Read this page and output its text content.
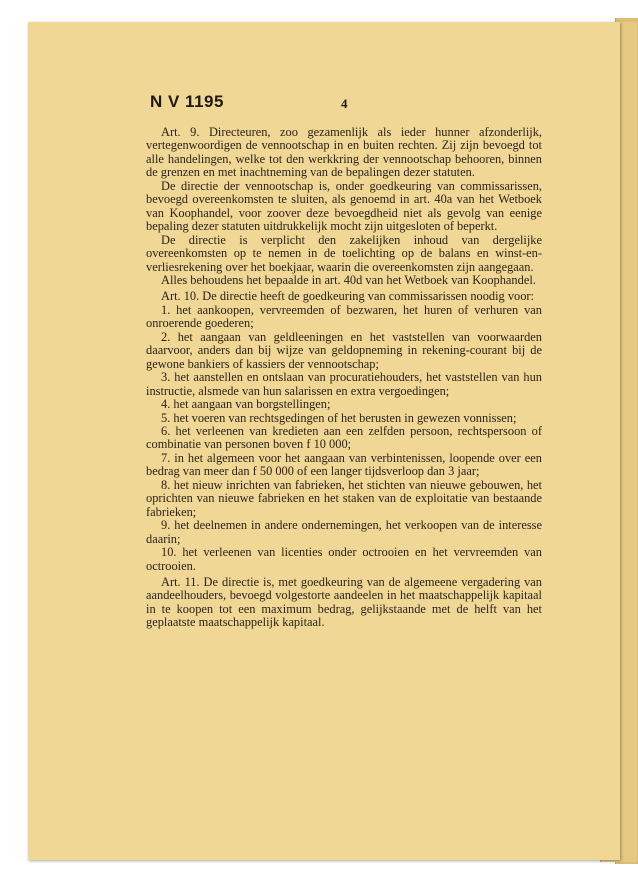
N V 1195	4

Art. 9. Directeuren, zoo gezamenlijk als ieder hunner afzonderlijk, vertegenwoordigen de vennootschap in en buiten rechten. Zij zijn bevoegd tot alle handelingen, welke tot den werkkring der vennootschap behooren, binnen de grenzen en met inachtneming van de bepalingen dezer statuten.

De directie der vennootschap is, onder goedkeuring van commissarissen, bevoegd overeenkomsten te sluiten, als genoemd in art. 40a van het Wetboek van Koophandel, voor zoover deze bevoegdheid niet als gevolg van eenige bepaling dezer statuten uitdrukkelijk mocht zijn uitgesloten of beperkt.

De directie is verplicht den zakelijken inhoud van dergelijke overeenkomsten op te nemen in de toelichting op de balans en winst-en-verliesrekening over het boekjaar, waarin die overeenkomsten zijn aangegaan.

Alles behoudens het bepaalde in art. 40d van het Wetboek van Koophandel.

Art. 10. De directie heeft de goedkeuring van commissarissen noodig voor:

1. het aankoopen, vervreemden of bezwaren, het huren of verhuren van onroerende goederen;

2. het aangaan van geldleeningen en het vaststellen van voorwaarden daarvoor, anders dan bij wijze van geldopneming in rekening-courant bij de gewone bankiers of kassiers der vennootschap;

3. het aanstellen en ontslaan van procuratiehouders, het vaststellen van hun instructie, alsmede van hun salarissen en extra vergoedingen;

4. het aangaan van borgstellingen;

5. het voeren van rechtsgedingen of het berusten in gewezen vonnissen;

6. het verleenen van kredieten aan een zelfden persoon, rechtspersoon of combinatie van personen boven f 10 000;

7. in het algemeen voor het aangaan van verbintenissen, loopende over een bedrag van meer dan f 50 000 of een langer tijdsverloop dan 3 jaar;

8. het nieuw inrichten van fabrieken, het stichten van nieuwe gebouwen, het oprichten van nieuwe fabrieken en het staken van de exploitatie van bestaande fabrieken;

9. het deelnemen in andere ondernemingen, het verkoopen van de interesse daarin;

10. het verleenen van licenties onder octrooien en het vervreemden van octrooien.

Art. 11. De directie is, met goedkeuring van de algemeene vergadering van aandeelhouders, bevoegd volgestorte aandeelen in het maatschappelijk kapitaal in te koopen tot een maximum bedrag, gelijkstaande met de helft van het geplaatste maatschappelijk kapitaal.
